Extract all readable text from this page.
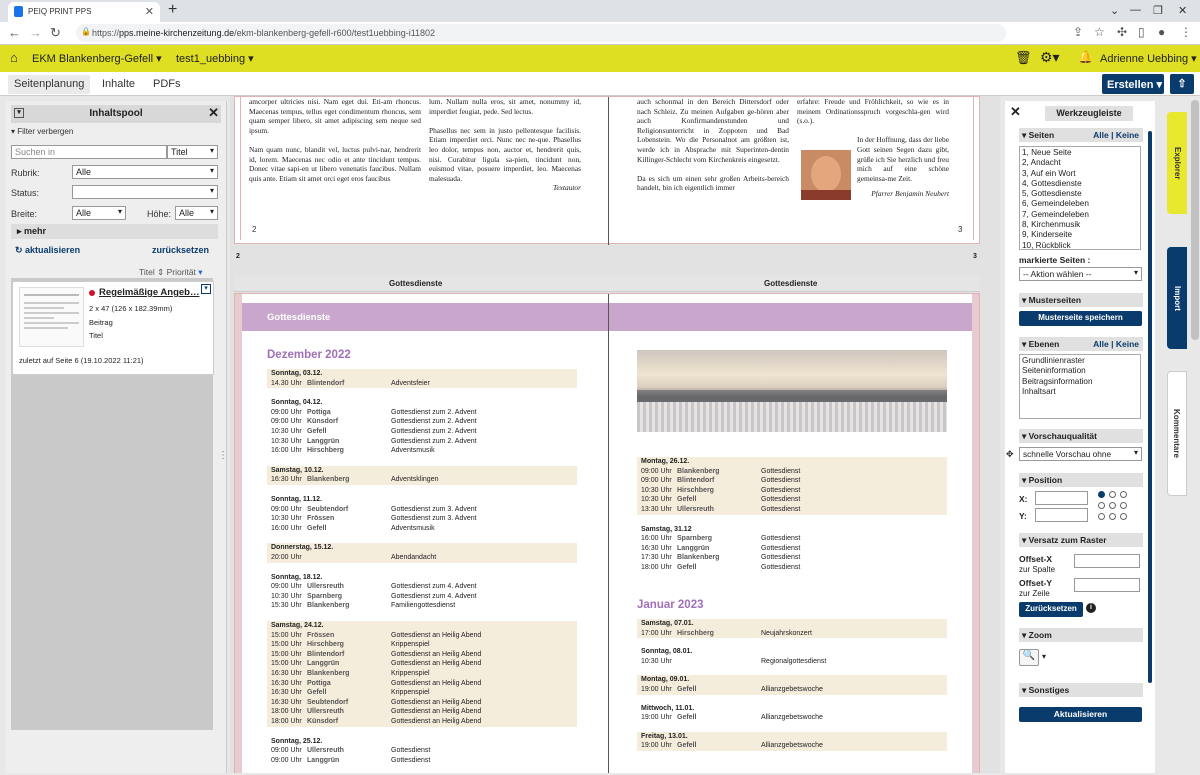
PEIQ PRINT PPS	✕ +	⌄ — ❐ ✕
← → ↻	🔒 https://pps.meine-kirchenzeitung.de/ekm-blankenberg-gefell-r600/test1uebbing-i11802	⇪ ☆ ✣ ▯ ● ⋮
⌂ EKM Blankenberg-Gefell ▾ test1_uebbing ▾	🗑 ⚙▾ 🔔 Adrienne Uebbing ▾
Seitenplanung	Inhalte PDFs	Erstellen ▾	⇧
▾	Inhaltspool	✕
▾ Filter verbergen
Suchen in	Titel	▾
Rubrik:	Alle	▾
Status:	▾
Breite:	Alle	▾	Höhe: Alle ▾
▸ mehr
↻ aktualisieren	zurücksetzen
Titel ⇕ Priorität ▾
Regelmäßige Angeb… ▾
2 x 47 (126 x 182.39mm)
Beitrag
Titel
zuletzt auf Seite 6 (19.10.2022 11:21)
⋮
amcorper ultricies nisi. Nam eget dui. Eti-am rhoncus. Maecenas tempus, tellus eget condimentum rhoncus, sem quam semper libero, sit amet adipiscing sem neque sed ipsum.

Nam quam nunc, blandit vel, luctus pulvi-nar, hendrerit id, lorem. Maecenas nec odio et ante tincidunt tempus. Donec vitae sapi-en ut libero venenatis faucibus. Nullam quis ante. Etiam sit amet orci eget eros faucibus
lum. Nullam nulla eros, sit amet, nonummy id, imperdiet feugiat, pede. Sed lectus.

Phasellus nec sem in justo pellentesque facilisis. Etiam imperdiet orci. Nunc nec ne-que. Phasellus leo dolor, tempus non, auctor et, hendrerit quis, nisi. Curabitur ligula sa-pien, tincidunt non, euismod vitae, posuere imperdiet, leo. Maecenas malesuada.

Textautor
auch schonmal in den Bereich Dittersdorf oder nach Schleiz. Zu meinen Aufgaben ge-hören aber auch Konfirmandenstunden und Religionsunterricht in Zoppoten und Bad Lobenstein. Wo die Personalnot am größten ist, werde ich in Absprache mit Superinten-dentin Killinger-Schlecht vom Kirchenkreis eingesetzt.

Da es sich um einen sehr großen Arbeits-bereich handelt, bin ich eigentlich immer
erfahre: Freude und Fröhlichkeit, so wie es in meinem Ordinationsspruch vorgeschla-gen wird (s.o.).

In der Hoffnung, dass der liebe Gott seinen Segen dazu gibt, grüße ich Sie herzlich und freu mich auf eine schöne gemeinsa-me Zeit.
Pfarrer Benjamin Neubert
2	3
2	3
Gottesdienste	Gottesdienste
Gottesdienste
Dezember 2022
Sonntag, 03.12.
14.30 Uhr Blintendorf	Adventsfeier
Sonntag, 04.12.
09:00 Uhr Pottiga	Gottesdienst zum 2. Advent
09:00 Uhr Künsdorf	Gottesdienst zum 2. Advent
10:30 Uhr Gefell	Gottesdienst zum 2. Advent
10:30 Uhr Langgrün	Gottesdienst zum 2. Advent
16:00 Uhr Hirschberg	Adventsmusik
Samstag, 10.12.
16:30 Uhr Blankenberg	Adventsklingen
Sonntag, 11.12.
09:00 Uhr Seubtendorf	Gottesdienst zum 3. Advent
10:30 Uhr Frössen	Gottesdienst zum 3. Advent
16:00 Uhr Gefell	Adventsmusik
Donnerstag, 15.12.
20:00 Uhr	Abendandacht
Sonntag, 18.12.
09:00 Uhr Ullersreuth	Gottesdienst zum 4. Advent
10:30 Uhr Sparnberg	Gottesdienst zum 4. Advent
15:30 Uhr Blankenberg	Familiengottesdienst
Samstag, 24.12.
15:00 Uhr Frössen	Gottesdienst an Heilig Abend
15:00 Uhr Hirschberg	Krippenspiel
15:00 Uhr Blintendorf	Gottesdienst an Heilig Abend
15:00 Uhr Langgrün	Gottesdienst an Heilig Abend
16:30 Uhr Blankenberg	Krippenspiel
16:30 Uhr Pottiga	Gottesdienst an Heilig Abend
16:30 Uhr Gefell	Krippenspiel
16:30 Uhr Seubtendorf	Gottesdienst an Heilig Abend
18:00 Uhr Ullersreuth	Gottesdienst an Heilig Abend
18:00 Uhr Künsdorf	Gottesdienst an Heilig Abend
Sonntag, 25.12.
09:00 Uhr Ullersreuth	Gottesdienst
09:00 Uhr Langgrün	Gottesdienst
Montag, 26.12.
09:00 Uhr Blankenberg	Gottesdienst
09:00 Uhr Blintendorf	Gottesdienst
10:30 Uhr Hirschberg	Gottesdienst
10:30 Uhr Gefell	Gottesdienst
13:30 Uhr Ullersreuth	Gottesdienst
Samstag, 31.12
16:00 Uhr Sparnberg	Gottesdienst
16:30 Uhr Langgrün	Gottesdienst
17:30 Uhr Blankenberg	Gottesdienst
18:00 Uhr Gefell	Gottesdienst
Januar 2023
Samstag, 07.01.
17:00 Uhr Hirschberg	Neujahrskonzert
Sonntag, 08.01.
10:30 Uhr	Regionalgottesdienst
Montag, 09.01.
19:00 Uhr Gefell	Allianzgebetswoche
Mittwoch, 11.01.
19:00 Uhr Gefell	Allianzgebetswoche
Freitag, 13.01.
19:00 Uhr Gefell	Allianzgebetswoche
✕	Werkzeugleiste
▾ Seiten	Alle | Keine
1, Neue Seite
2, Andacht
3, Auf ein Wort
4, Gottesdienste
5, Gottesdienste
6, Gemeindeleben
7, Gemeindeleben
8, Kirchenmusik
9, Kinderseite
10, Rückblick
markierte Seiten :
-- Aktion wählen --	▾
▾ Musterseiten
Musterseite speichern
▾ Ebenen	Alle | Keine
Grundlinienraster
Seiteninformation
Beitragsinformation
Inhaltsart
▾ Vorschauqualität
✥	schnelle Vorschau ohne	▾
▾ Position
X:
Y:
▾ Versatz zum Raster
Offset-X
zur Spalte
Offset-Y
zur Zeile
Zurücksetzen	i
▾ Zoom
🔍 ▾
▾ Sonstiges
Aktualisieren
Explorer
Import
Kommentare
